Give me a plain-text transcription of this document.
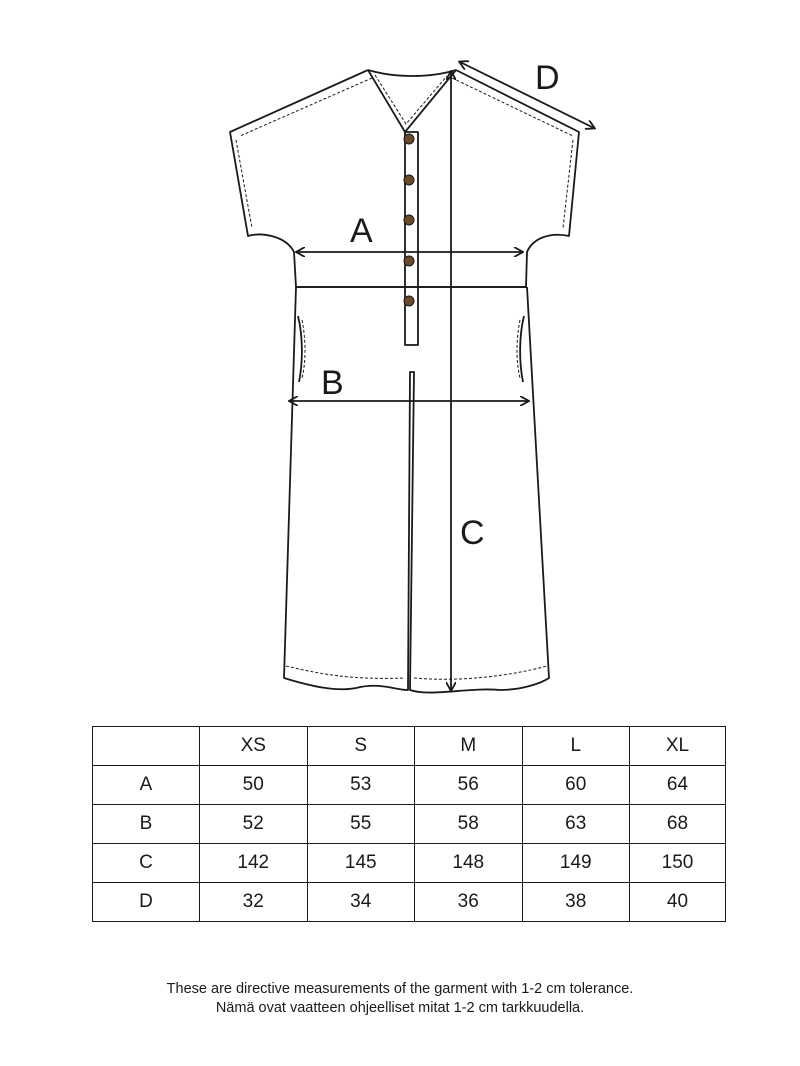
A
B
C
D
	XS	S	M	L	XL
A	50	53	56	60	64
B	52	55	58	63	68
C	142	145	148	149	150
D	32	34	36	38	40
These are directive measurements of the garment with 1-2 cm tolerance.
Nämä ovat vaatteen ohjeelliset mitat 1-2 cm tarkkuudella.
